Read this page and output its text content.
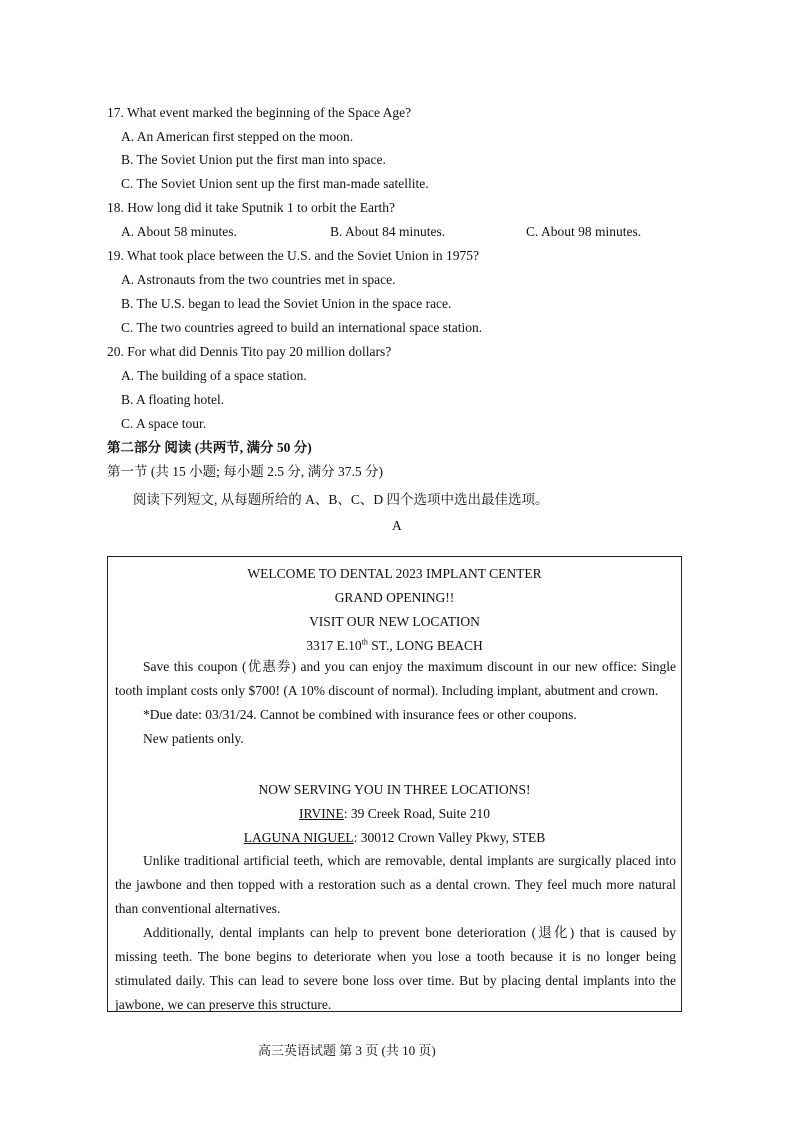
17. What event marked the beginning of the Space Age?
A. An American first stepped on the moon.
B. The Soviet Union put the first man into space.
C. The Soviet Union sent up the first man-made satellite.
18. How long did it take Sputnik 1 to orbit the Earth?
A. About 58 minutes.	B. About 84 minutes.	C. About 98 minutes.
19. What took place between the U.S. and the Soviet Union in 1975?
A. Astronauts from the two countries met in space.
B. The U.S. began to lead the Soviet Union in the space race.
C. The two countries agreed to build an international space station.
20. For what did Dennis Tito pay 20 million dollars?
A. The building of a space station.
B. A floating hotel.
C. A space tour.
第二部分 阅读 (共两节, 满分 50 分)
第一节 (共 15 小题; 每小题 2.5 分, 满分 37.5 分)
阅读下列短文, 从每题所给的 A、B、C、D 四个选项中选出最佳选项。
A
WELCOME TO DENTAL 2023 IMPLANT CENTER
GRAND OPENING!!
VISIT OUR NEW LOCATION
3317 E.10th ST., LONG BEACH

Save this coupon (优惠券) and you can enjoy the maximum discount in our new office: Single tooth implant costs only $700! (A 10% discount of normal). Including implant, abutment and crown.

*Due date: 03/31/24. Cannot be combined with insurance fees or other coupons.

New patients only.

NOW SERVING YOU IN THREE LOCATIONS!
IRVINE: 39 Creek Road, Suite 210
LAGUNA NIGUEL: 30012 Crown Valley Pkwy, STEB

Unlike traditional artificial teeth, which are removable, dental implants are surgically placed into the jawbone and then topped with a restoration such as a dental crown. They feel much more natural than conventional alternatives.

Additionally, dental implants can help to prevent bone deterioration (退化) that is caused by missing teeth. The bone begins to deteriorate when you lose a tooth because it is no longer being stimulated daily. This can lead to severe bone loss over time. But by placing dental implants into the jawbone, we can preserve this structure.

高三英语试题 第 3 页 (共 10 页)
